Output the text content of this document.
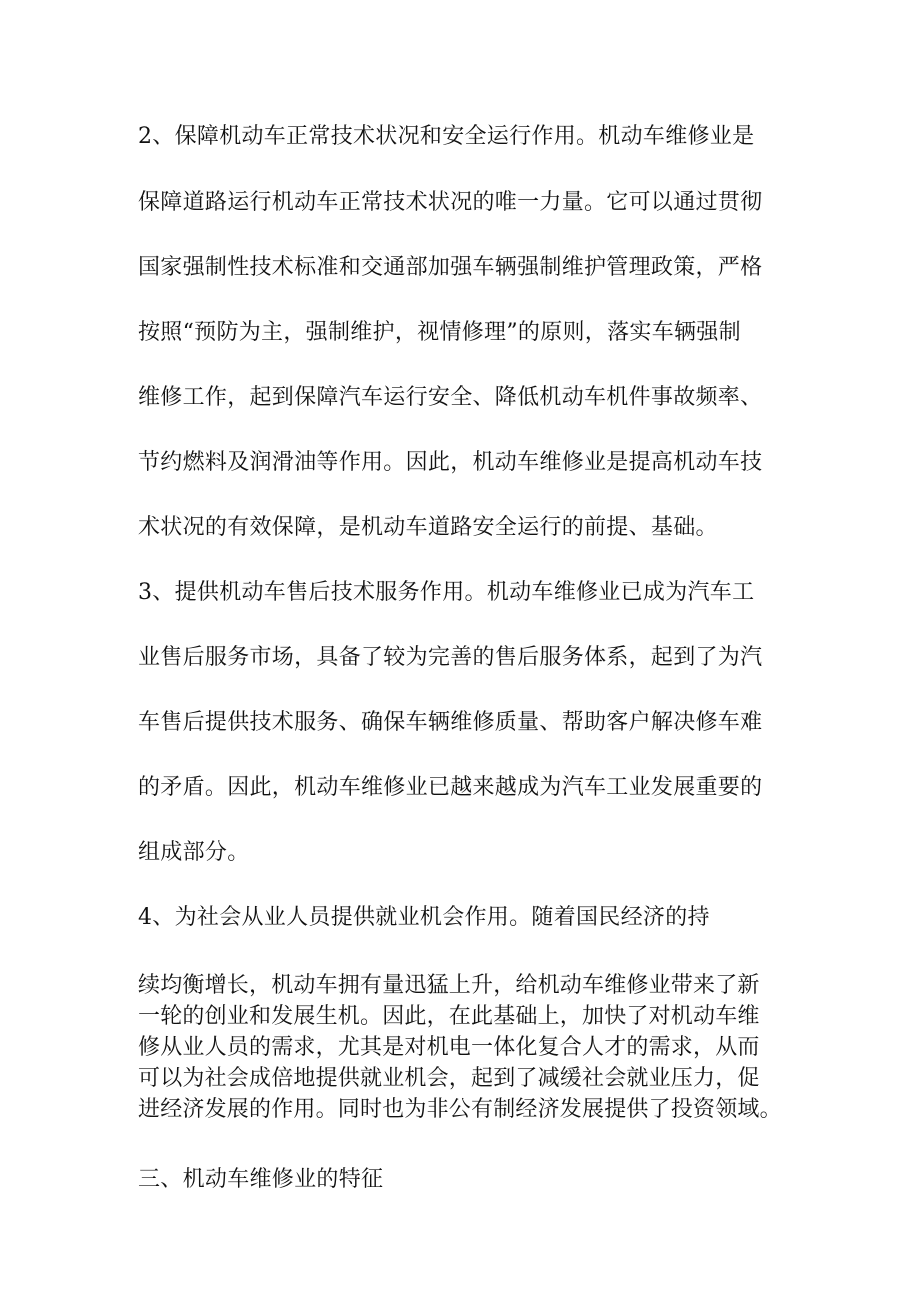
2、保障机动车正常技术状况和安全运行作用。机动车维修业是
保障道路运行机动车正常技术状况的唯一力量。它可以通过贯彻
国家强制性技术标准和交通部加强车辆强制维护管理政策，严格
按照“预防为主，强制维护，视情修理”的原则，落实车辆强制
维修工作，起到保障汽车运行安全、降低机动车机件事故频率、
节约燃料及润滑油等作用。因此，机动车维修业是提高机动车技
术状况的有效保障，是机动车道路安全运行的前提、基础。
3、提供机动车售后技术服务作用。机动车维修业已成为汽车工
业售后服务市场，具备了较为完善的售后服务体系，起到了为汽
车售后提供技术服务、确保车辆维修质量、帮助客户解决修车难
的矛盾。因此，机动车维修业已越来越成为汽车工业发展重要的
组成部分。
4、为社会从业人员提供就业机会作用。随着国民经济的持
续均衡增长，机动车拥有量迅猛上升，给机动车维修业带来了新
一轮的创业和发展生机。因此，在此基础上，加快了对机动车维
修从业人员的需求，尤其是对机电一体化复合人才的需求，从而
可以为社会成倍地提供就业机会，起到了减缓社会就业压力，促
进经济发展的作用。同时也为非公有制经济发展提供了投资领域。
三、机动车维修业的特征
